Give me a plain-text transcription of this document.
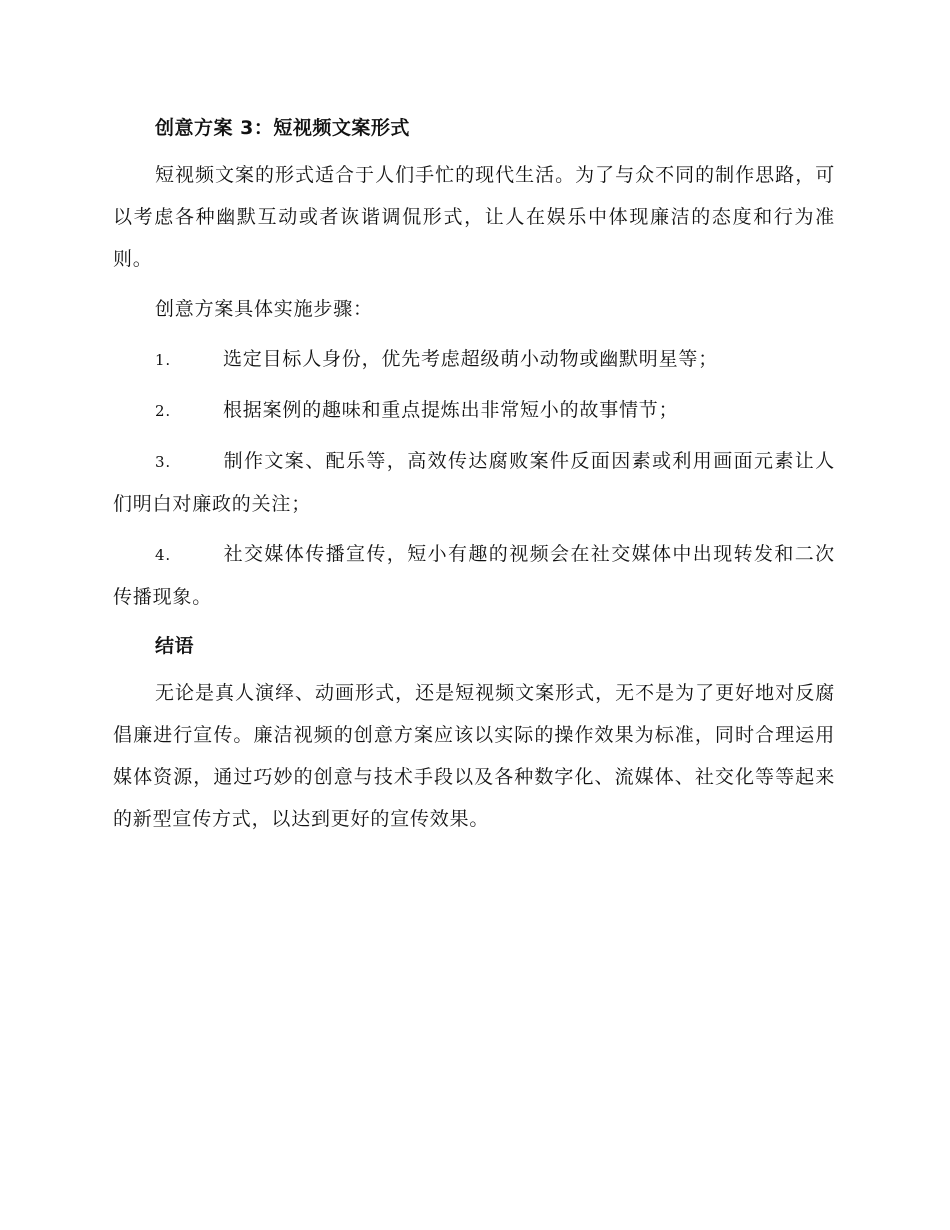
创意方案 3：短视频文案形式

短视频文案的形式适合于人们手忙的现代生活。为了与众不同的制作思路，可以考虑各种幽默互动或者诙谐调侃形式，让人在娱乐中体现廉洁的态度和行为准则。

创意方案具体实施步骤：

1.	选定目标人身份，优先考虑超级萌小动物或幽默明星等；

2.	根据案例的趣味和重点提炼出非常短小的故事情节；

3.	制作文案、配乐等，高效传达腐败案件反面因素或利用画面元素让人们明白对廉政的关注；

4.	社交媒体传播宣传，短小有趣的视频会在社交媒体中出现转发和二次传播现象。

结语

无论是真人演绎、动画形式，还是短视频文案形式，无不是为了更好地对反腐倡廉进行宣传。廉洁视频的创意方案应该以实际的操作效果为标准，同时合理运用媒体资源，通过巧妙的创意与技术手段以及各种数字化、流媒体、社交化等等起来的新型宣传方式，以达到更好的宣传效果。
